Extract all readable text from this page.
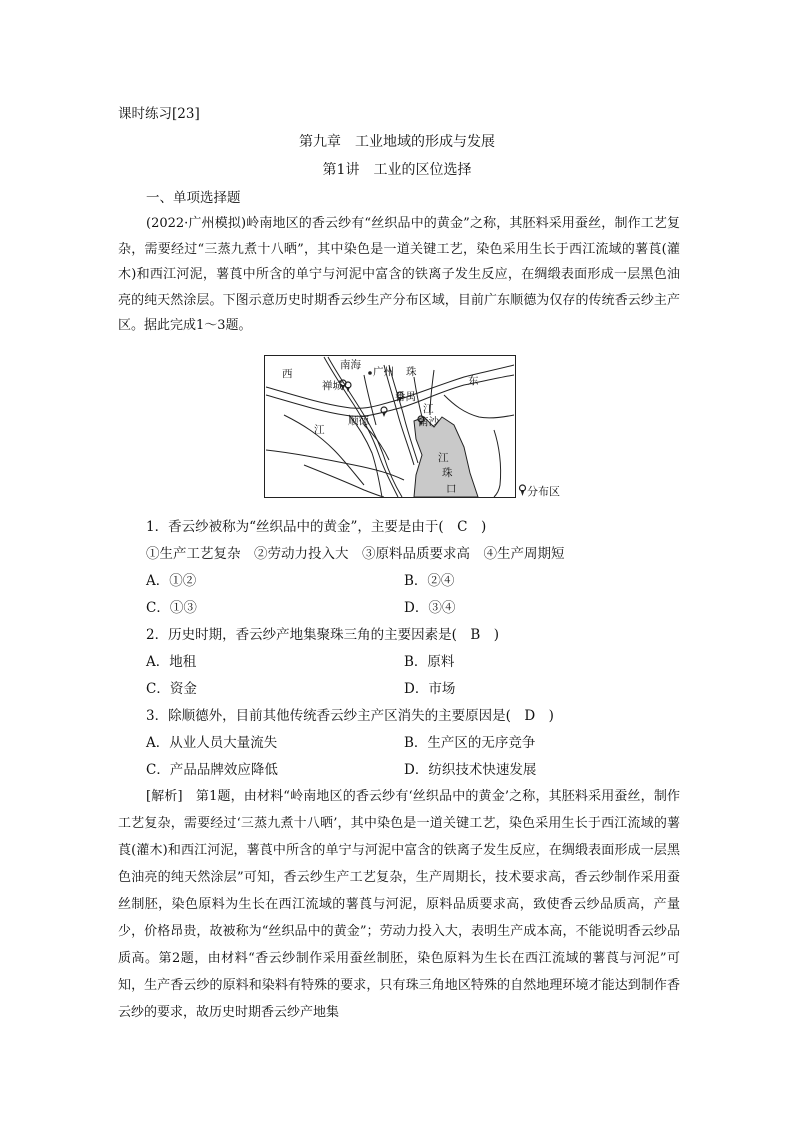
课时练习[23]
第九章　工业地域的形成与发展
第1讲　工业的区位选择
一、单项选择题

(2022·广州模拟)岭南地区的香云纱有“丝织品中的黄金”之称，其胚料采用蚕丝，制作工艺复杂，需要经过“三蒸九煮十八晒”，其中染色是一道关键工艺，染色采用生长于西江流域的薯莨(灌木)和西江河泥，薯莨中所含的单宁与河泥中富含的铁离子发生反应，在绸缎表面形成一层黑色油亮的纯天然涂层。下图示意历史时期香云纱生产分布区域，目前广东顺德为仅存的传统香云纱主产区。据此完成1～3题。

西
南海
广州 珠
东
禅城
番禺
江
江
顺德	南沙
江
珠
口	分布区
1．香云纱被称为“丝织品中的黄金”，主要是由于(　C　)
①生产工艺复杂　②劳动力投入大　③原料品质要求高　④生产周期短
A．①②	B．②④
C．①③	D．③④
2．历史时期，香云纱产地集聚珠三角的主要因素是(　B　)
A．地租	B．原料
C．资金	D．市场
3．除顺德外，目前其他传统香云纱主产区消失的主要原因是(　D　)
A．从业人员大量流失	B．生产区的无序竞争
C．产品品牌效应降低	D．纺织技术快速发展

[解析]　第1题，由材料“岭南地区的香云纱有‘丝织品中的黄金’之称，其胚料采用蚕丝，制作工艺复杂，需要经过‘三蒸九煮十八晒’，其中染色是一道关键工艺，染色采用生长于西江流域的薯莨(灌木)和西江河泥，薯莨中所含的单宁与河泥中富含的铁离子发生反应，在绸缎表面形成一层黑色油亮的纯天然涂层”可知，香云纱生产工艺复杂，生产周期长，技术要求高，香云纱制作采用蚕丝制胚，染色原料为生长在西江流域的薯莨与河泥，原料品质要求高，致使香云纱品质高，产量少，价格昂贵，故被称为“丝织品中的黄金”；劳动力投入大，表明生产成本高，不能说明香云纱品质高。第2题，由材料“香云纱制作采用蚕丝制胚，染色原料为生长在西江流域的薯莨与河泥”可知，生产香云纱的原料和染料有特殊的要求，只有珠三角地区特殊的自然地理环境才能达到制作香云纱的要求，故历史时期香云纱产地集
